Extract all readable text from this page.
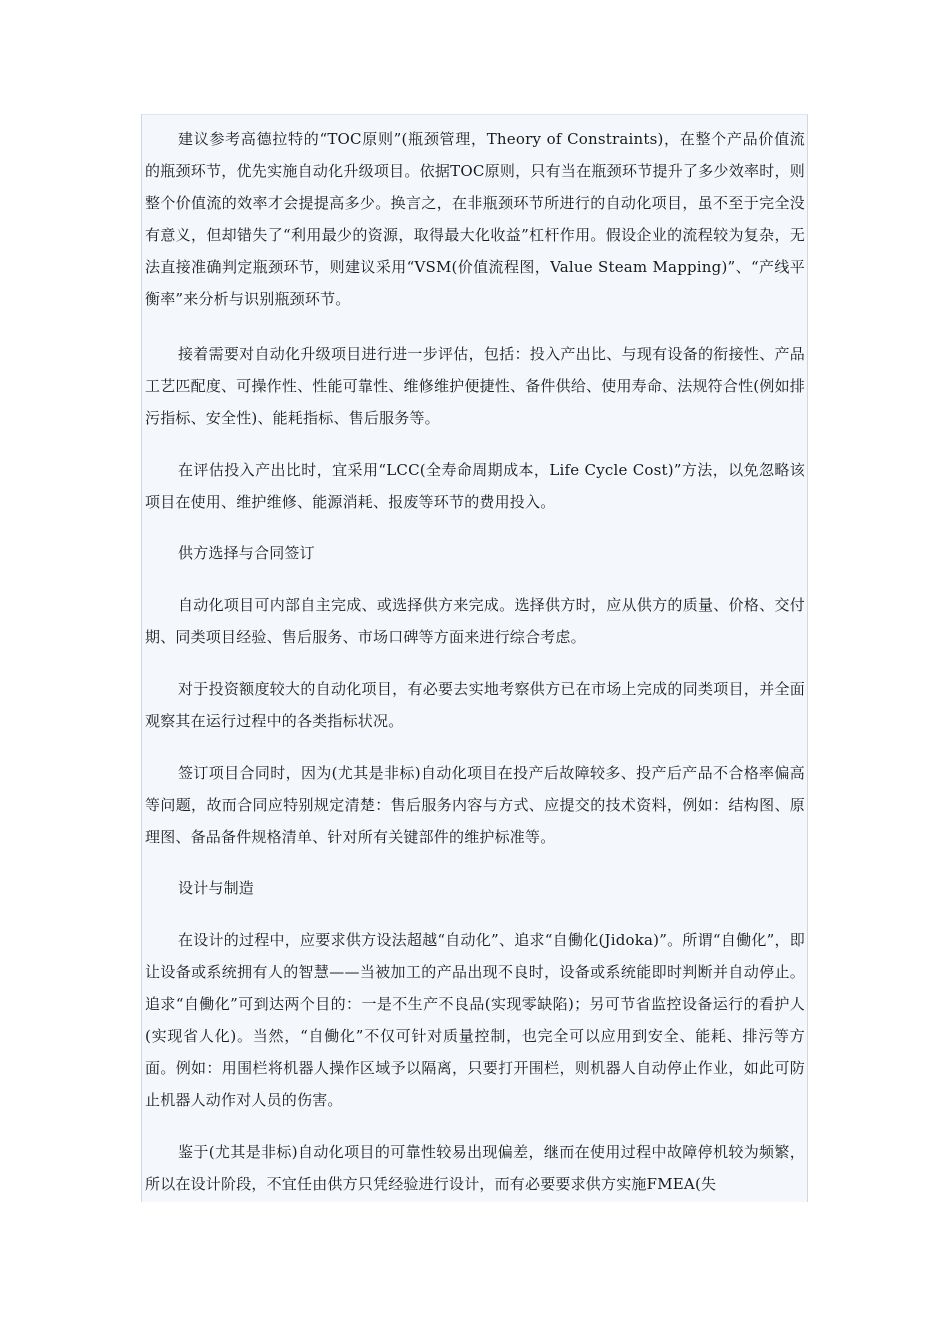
建议参考高德拉特的“TOC原则”(瓶颈管理，Theory of Constraints)，在整个产品价值流的瓶颈环节，优先实施自动化升级项目。依据TOC原则，只有当在瓶颈环节提升了多少效率时，则整个价值流的效率才会提提高多少。换言之，在非瓶颈环节所进行的自动化项目，虽不至于完全没有意义，但却错失了“利用最少的资源，取得最大化收益”杠杆作用。假设企业的流程较为复杂，无法直接准确判定瓶颈环节，则建议采用“VSM(价值流程图，Value Steam Mapping)”、“产线平衡率”来分析与识别瓶颈环节。

接着需要对自动化升级项目进行进一步评估，包括：投入产出比、与现有设备的衔接性、产品工艺匹配度、可操作性、性能可靠性、维修维护便捷性、备件供给、使用寿命、法规符合性(例如排污指标、安全性)、能耗指标、售后服务等。

在评估投入产出比时，宜采用“LCC(全寿命周期成本，Life Cycle Cost)”方法，以免忽略该项目在使用、维护维修、能源消耗、报废等环节的费用投入。

供方选择与合同签订

自动化项目可内部自主完成、或选择供方来完成。选择供方时，应从供方的质量、价格、交付期、同类项目经验、售后服务、市场口碑等方面来进行综合考虑。

对于投资额度较大的自动化项目，有必要去实地考察供方已在市场上完成的同类项目，并全面观察其在运行过程中的各类指标状况。

签订项目合同时，因为(尤其是非标)自动化项目在投产后故障较多、投产后产品不合格率偏高等问题，故而合同应特别规定清楚：售后服务内容与方式、应提交的技术资料，例如：结构图、原理图、备品备件规格清单、针对所有关键部件的维护标准等。

设计与制造

在设计的过程中，应要求供方设法超越“自动化”、追求“自働化(Jidoka)”。所谓“自働化”，即让设备或系统拥有人的智慧——当被加工的产品出现不良时，设备或系统能即时判断并自动停止。追求“自働化”可到达两个目的：一是不生产不良品(实现零缺陷)；另可节省监控设备运行的看护人(实现省人化)。当然，“自働化”不仅可针对质量控制，也完全可以应用到安全、能耗、排污等方面。例如：用围栏将机器人操作区域予以隔离，只要打开围栏，则机器人自动停止作业，如此可防止机器人动作对人员的伤害。

鉴于(尤其是非标)自动化项目的可靠性较易出现偏差，继而在使用过程中故障停机较为频繁，所以在设计阶段，不宜任由供方只凭经验进行设计，而有必要要求供方实施FMEA(失
